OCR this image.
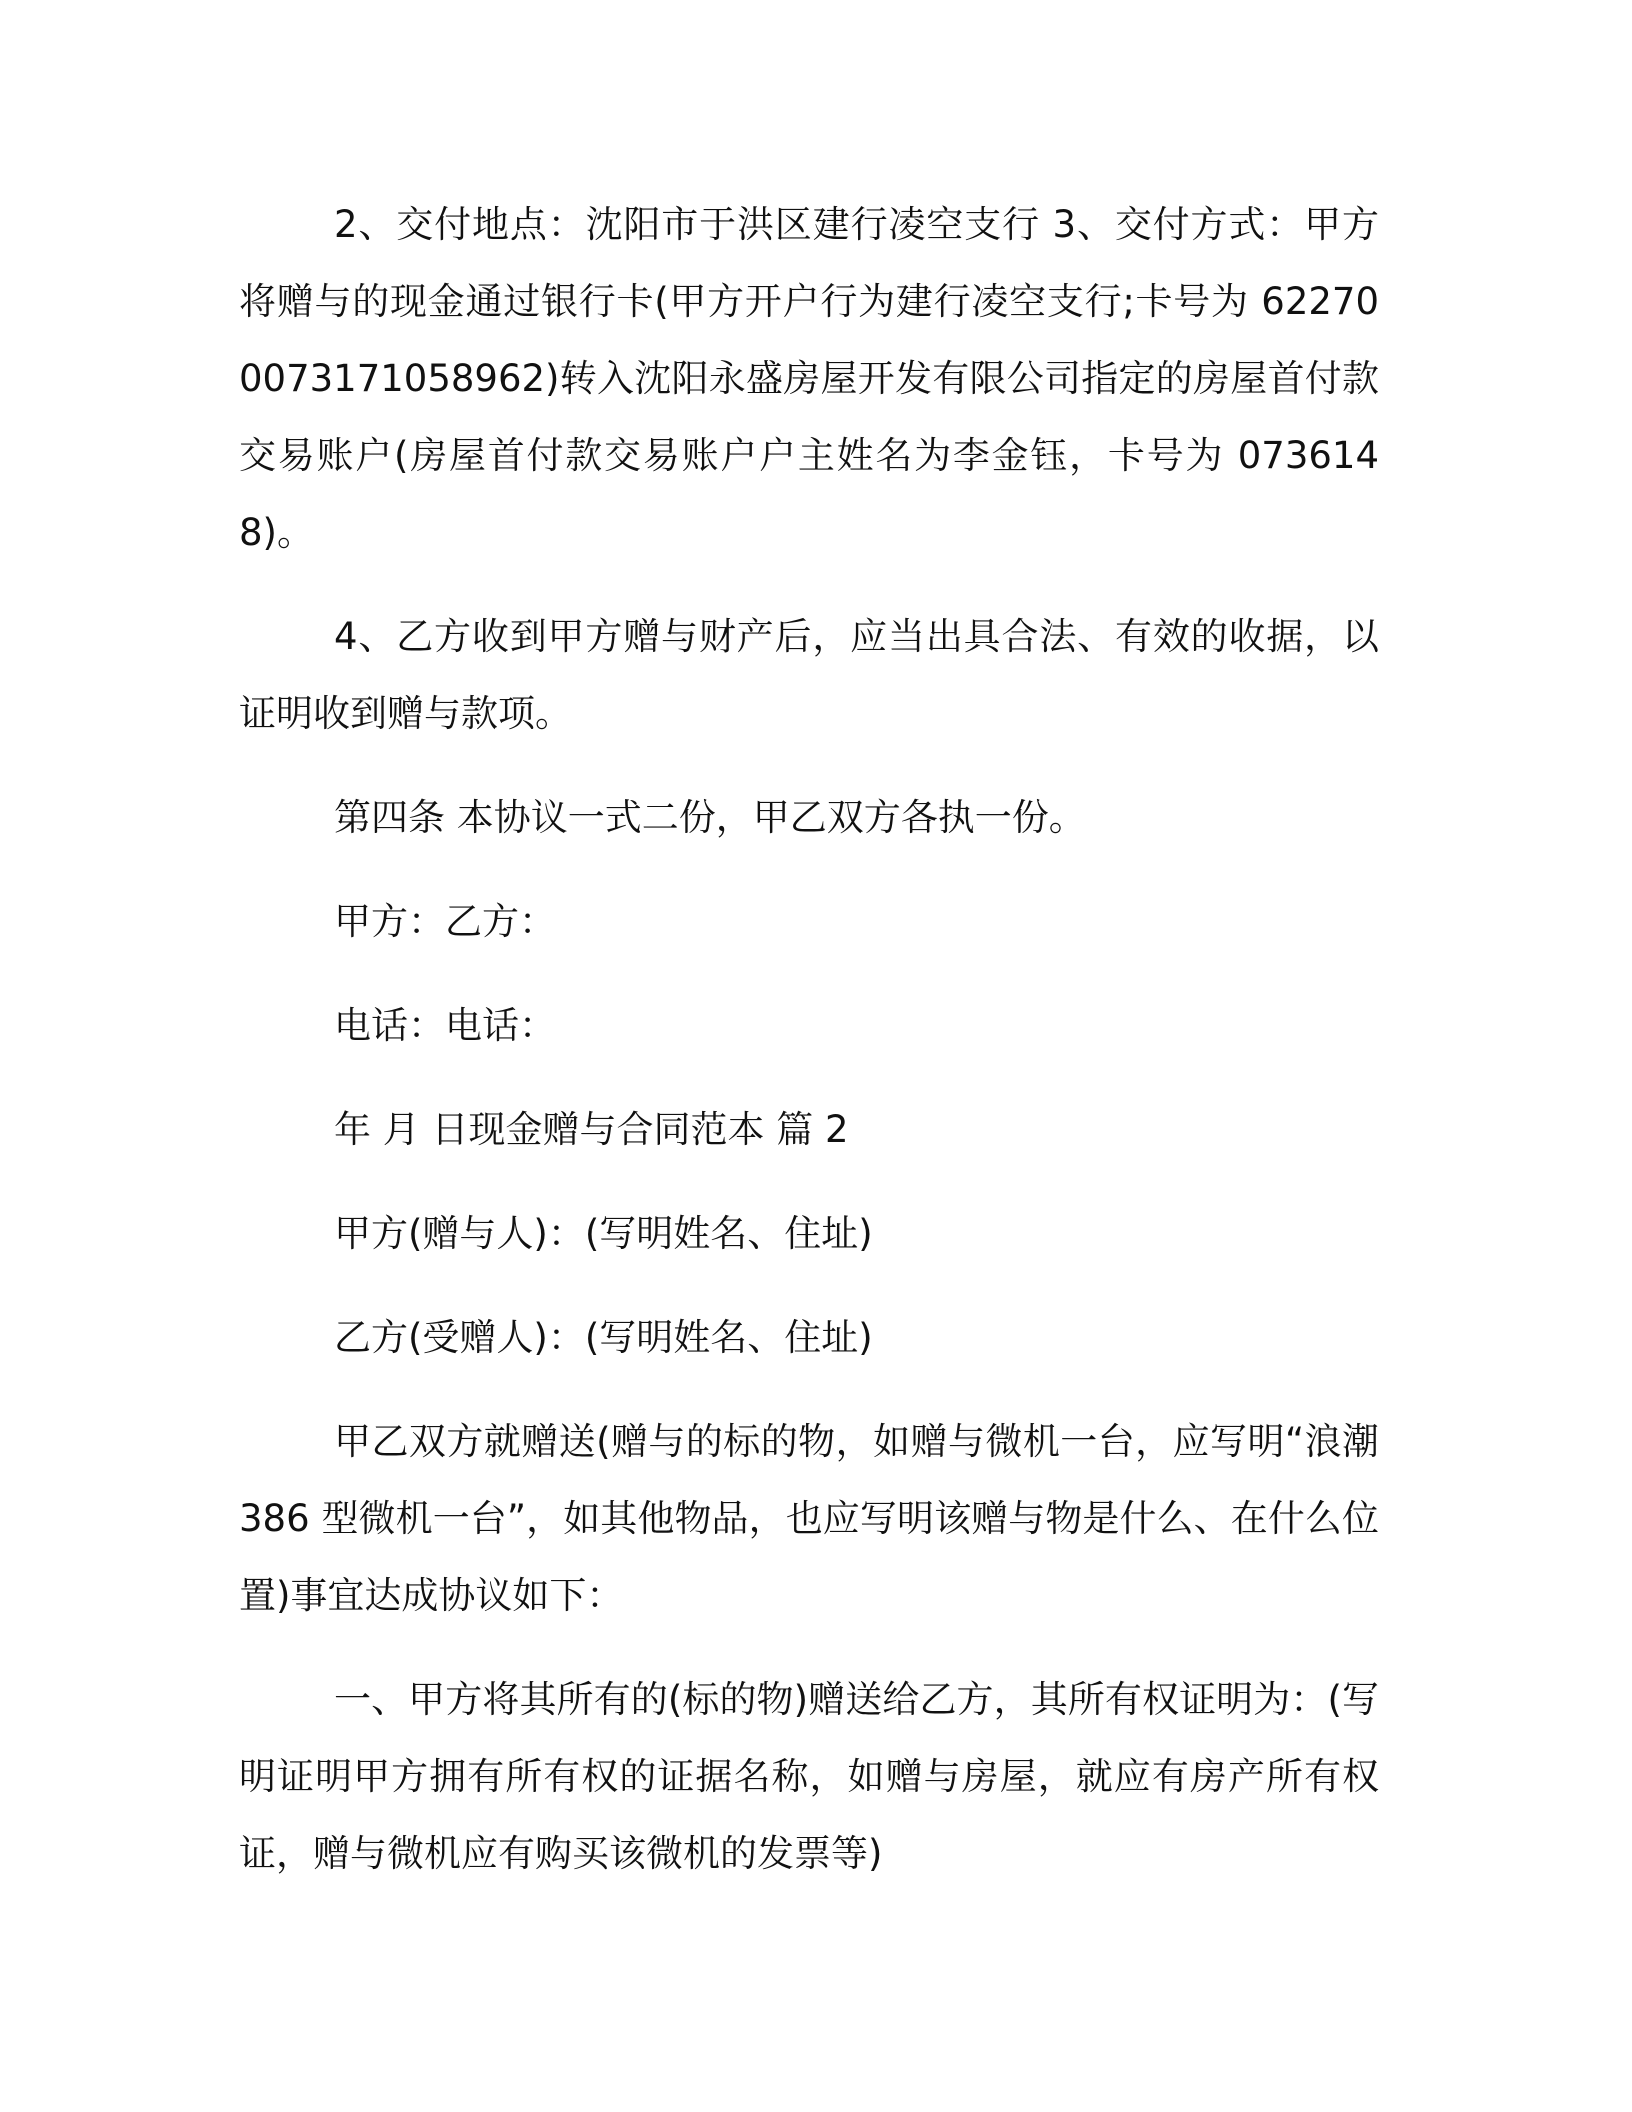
2、交付地点：沈阳市于洪区建行凌空支行 3、交付方式：甲方将赠与的现金通过银行卡(甲方开户行为建行凌空支行;卡号为 6227000731710589​62)转入沈阳永盛房屋开发有限公司指定的房屋首付款交易账户(房屋首付款交易账户户主姓名为李金钰，卡号为 0736148)。

4、乙方收到甲方赠与财产后，应当出具合法、有效的收据，以证明收到赠与款项。

第四条 本协议一式二份，甲乙双方各执一份。

甲方：乙方：

电话：电话：

年 月 日现金赠与合同范本 篇 2

甲方(赠与人)：(写明姓名、住址)

乙方(受赠人)：(写明姓名、住址)

甲乙双方就赠送(赠与的标的物，如赠与微机一台，应写明“浪潮 386 型微机一台”，如其他物品，也应写明该赠与物是什么、在什么位置)事宜达成协议如下：

一、甲方将其所有的(标的物)赠送给乙方，其所有权证明为：(写明证明甲方拥有所有权的证据名称，如赠与房屋，就应有房产所有权证，赠与微机应有购买该微机的发票等)
